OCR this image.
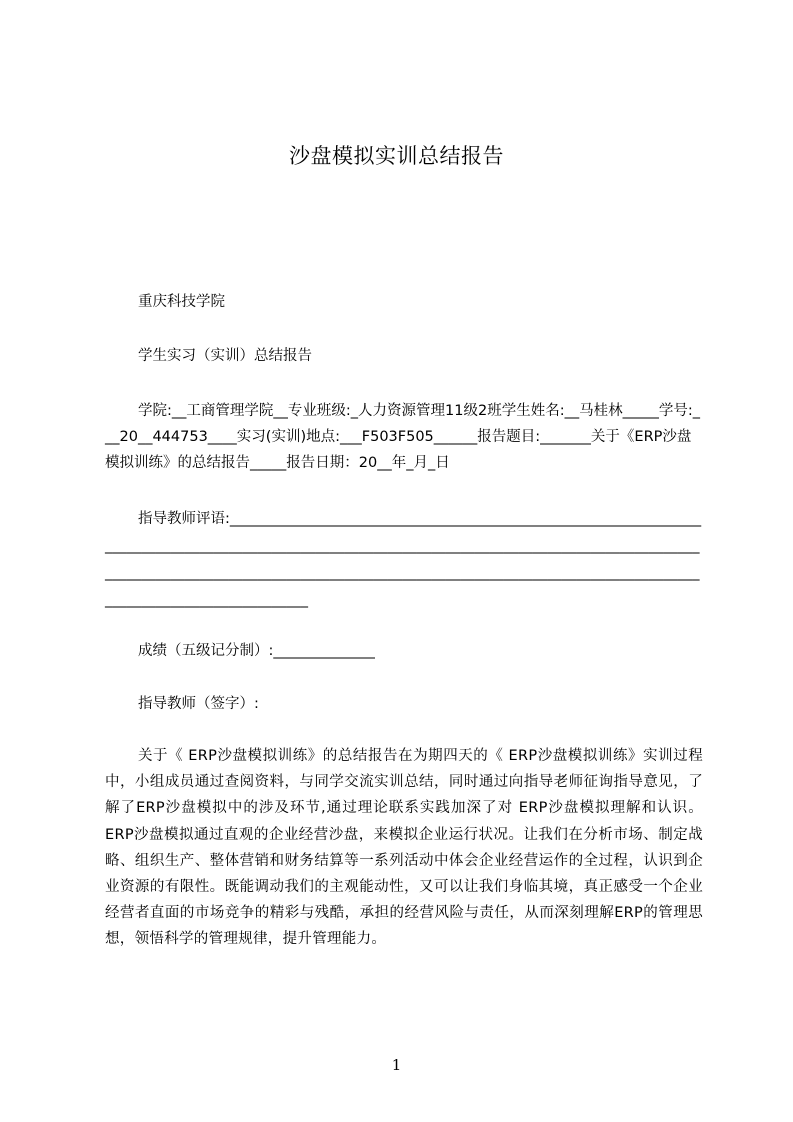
沙盘模拟实训总结报告

重庆科技学院

学生实习（实训）总结报告

学院:__工商管理学院__专业班级:_人力资源管理11级2班学生姓名:__马桂林_____学号:___20__444753____实习(实训)地点:___F503F505______报告题目:_______关于《ERP沙盘模拟训练》的总结报告_____报告日期：20__年_月_日

指导教师评语:_________________________________________________________________________________________________________________________________________________________________________________________________________________________________________________________________

成绩（五级记分制）:______________

指导教师（签字）:

关于《 ERP沙盘模拟训练》的总结报告在为期四天的《 ERP沙盘模拟训练》实训过程中，小组成员通过查阅资料，与同学交流实训总结，同时通过向指导老师征询指导意见，了解了ERP沙盘模拟中的涉及环节,通过理论联系实践加深了对 ERP沙盘模拟理解和认识。ERP沙盘模拟通过直观的企业经营沙盘，来模拟企业运行状况。让我们在分析市场、制定战略、组织生产、整体营销和财务结算等一系列活动中体会企业经营运作的全过程，认识到企业资源的有限性。既能调动我们的主观能动性，又可以让我们身临其境，真正感受一个企业经营者直面的市场竞争的精彩与残酷，承担的经营风险与责任，从而深刻理解ERP的管理思想，领悟科学的管理规律，提升管理能力。

1
